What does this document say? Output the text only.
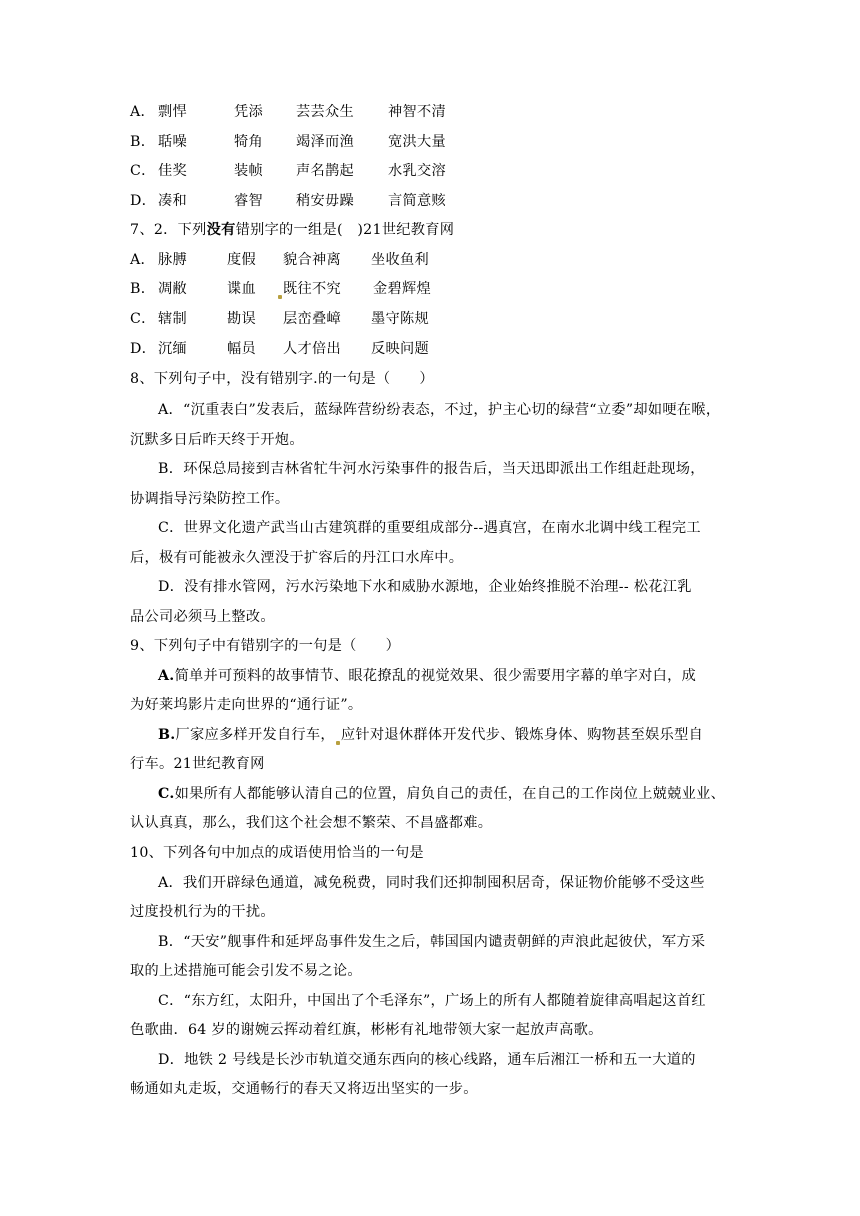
A． 剽悍	凭添 芸芸众生 神智不清
B． 聒噪	犄角 竭泽而渔 宽洪大量
C． 佳奖	装帧 声名鹊起 水乳交溶
D． 凑和	睿智 稍安毋躁 言简意赅
7、2．下列没有错别字的一组是(　)21世纪教育网
A． 脉膊	度假 貌合神离 坐收鱼利
B． 凋敝	谍血 既往不究 金碧辉煌
C． 辖制	勘误 层峦叠嶂 墨守陈规
D． 沉缅	幅员 人才倍出 反映问题
8、下列句子中，没有错别字.的一句是（　　）
A．“沉重表白”发表后，蓝绿阵营纷纷表态，不过，护主心切的绿营“立委”却如哽在喉，
沉默多日后昨天终于开炮。
B．环保总局接到吉林省牤牛河水污染事件的报告后，当天迅即派出工作组赶赴现场，
协调指导污染防控工作。
C．世界文化遗产武当山古建筑群的重要组成部分--遇真宫，在南水北调中线工程完工
后，极有可能被永久湮没于扩容后的丹江口水库中。
D．没有排水管网，污水污染地下水和威胁水源地，企业始终推脱不治理-- 松花江乳
品公司必须马上整改。
9、下列句子中有错别字的一句是（　　）
A.简单并可预料的故事情节、眼花撩乱的视觉效果、很少需要用字幕的单字对白，成
为好莱坞影片走向世界的“通行证”。
B.厂家应多样开发自行车， 应针对退休群体开发代步、锻炼身体、购物甚至娱乐型自
行车。21世纪教育网
C.如果所有人都能够认清自己的位置，肩负自己的责任，在自己的工作岗位上兢兢业业、
认认真真，那么，我们这个社会想不繁荣、不昌盛都难。
10、下列各句中加点的成语使用恰当的一句是
A．我们开辟绿色通道，减免税费，同时我们还抑制囤积居奇，保证物价能够不受这些
过度投机行为的干扰。
B．“天安”舰事件和延坪岛事件发生之后，韩国国内谴责朝鲜的声浪此起彼伏，军方采
取的上述措施可能会引发不易之论。
C．“东方红，太阳升，中国出了个毛泽东”，广场上的所有人都随着旋律高唱起这首红
色歌曲．64 岁的谢婉云挥动着红旗，彬彬有礼地带领大家一起放声高歌。
D．地铁 2 号线是长沙市轨道交通东西向的核心线路，通车后湘江一桥和五一大道的
畅通如丸走坂，交通畅行的春天又将迈出坚实的一步。
